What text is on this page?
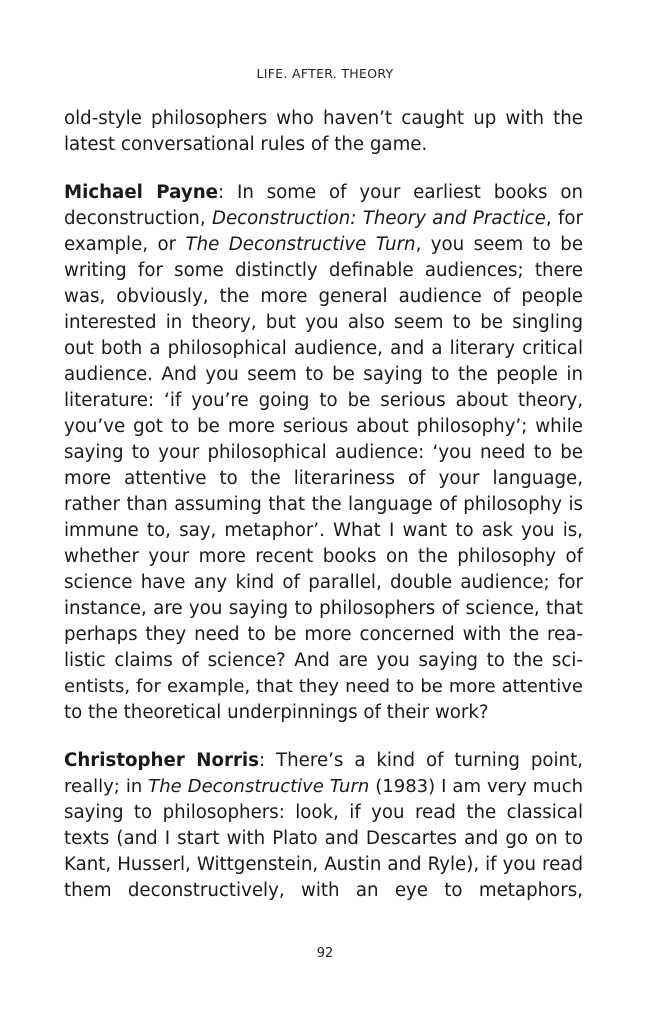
LIFE. AFTER. THEORY
old-style philosophers who haven’t caught up with the
latest conversational rules of the game.
Michael Payne: In some of your earliest books on
deconstruction, Deconstruction: Theory and Practice, for
example, or The Deconstructive Turn, you seem to be
writing for some distinctly definable audiences; there
was, obviously, the more general audience of people
interested in theory, but you also seem to be singling
out both a philosophical audience, and a literary critical
audience. And you seem to be saying to the people in
literature: ‘if you’re going to be serious about theory,
you’ve got to be more serious about philosophy’; while
saying to your philosophical audience: ‘you need to be
more attentive to the literariness of your language,
rather than assuming that the language of philosophy is
immune to, say, metaphor’. What I want to ask you is,
whether your more recent books on the philosophy of
science have any kind of parallel, double audience; for
instance, are you saying to philosophers of science, that
perhaps they need to be more concerned with the rea-
listic claims of science? And are you saying to the sci-
entists, for example, that they need to be more attentive
to the theoretical underpinnings of their work?
Christopher Norris: There’s a kind of turning point,
really; in The Deconstructive Turn (1983) I am very much
saying to philosophers: look, if you read the classical
texts (and I start with Plato and Descartes and go on to
Kant, Husserl, Wittgenstein, Austin and Ryle), if you read
them deconstructively, with an eye to metaphors,
92
